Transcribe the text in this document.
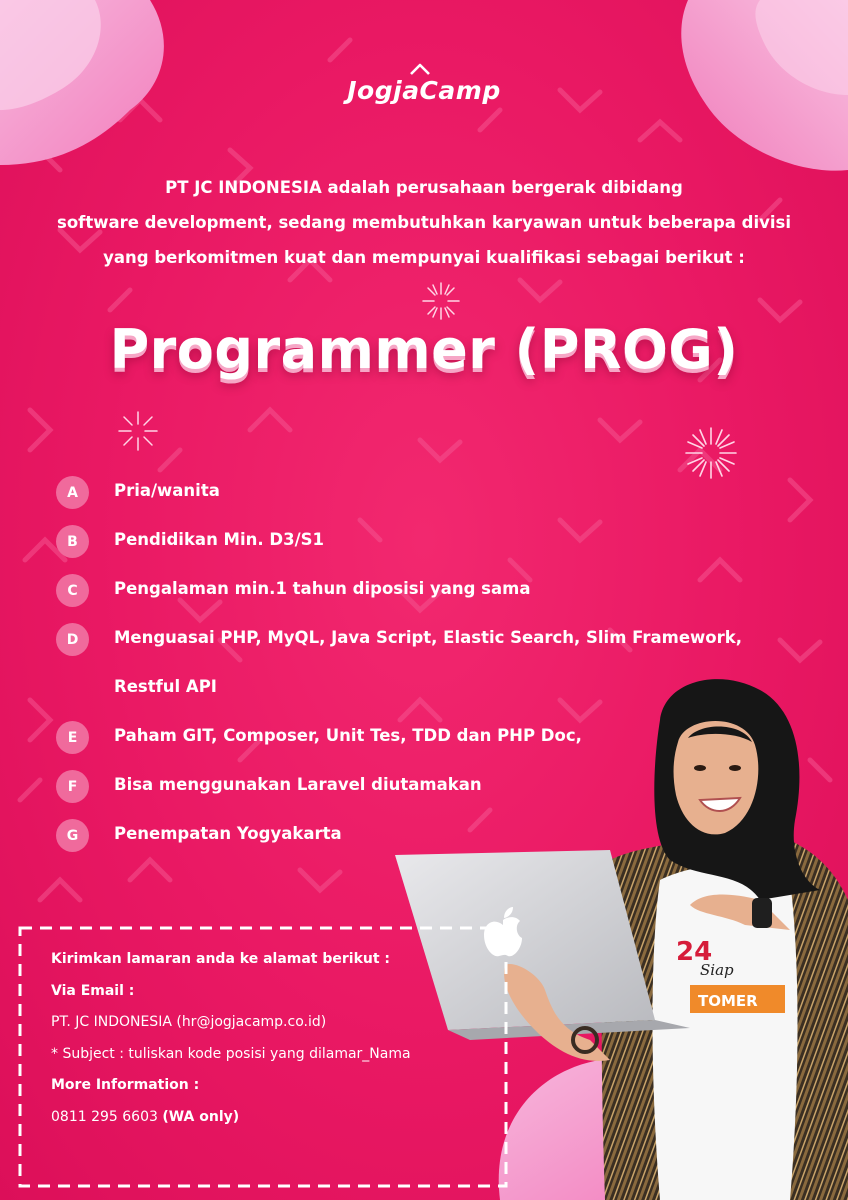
JogjaCamp
PT JC INDONESIA adalah perusahaan bergerak dibidang
software development, sedang membutuhkan karyawan untuk beberapa divisi
yang berkomitmen kuat dan mempunyai kualifikasi sebagai berikut :
Programmer (PROG)
A	Pria/wanita
B	Pendidikan Min. D3/S1
C	Pengalaman min.1 tahun diposisi yang sama
D	Menguasai PHP, MyQL, Java Script, Elastic Search, Slim Framework, Restful API
E	Paham GIT, Composer, Unit Tes, TDD dan PHP Doc,
F	Bisa menggunakan Laravel diutamakan
G	Penempatan Yogyakarta
24
Siap
TOMER
Kirimkan lamaran anda ke alamat berikut :
Via Email :
PT. JC INDONESIA (hr@jogjacamp.co.id)
* Subject : tuliskan kode posisi yang dilamar_Nama
More Information :
0811 295 6603 (WA only)
